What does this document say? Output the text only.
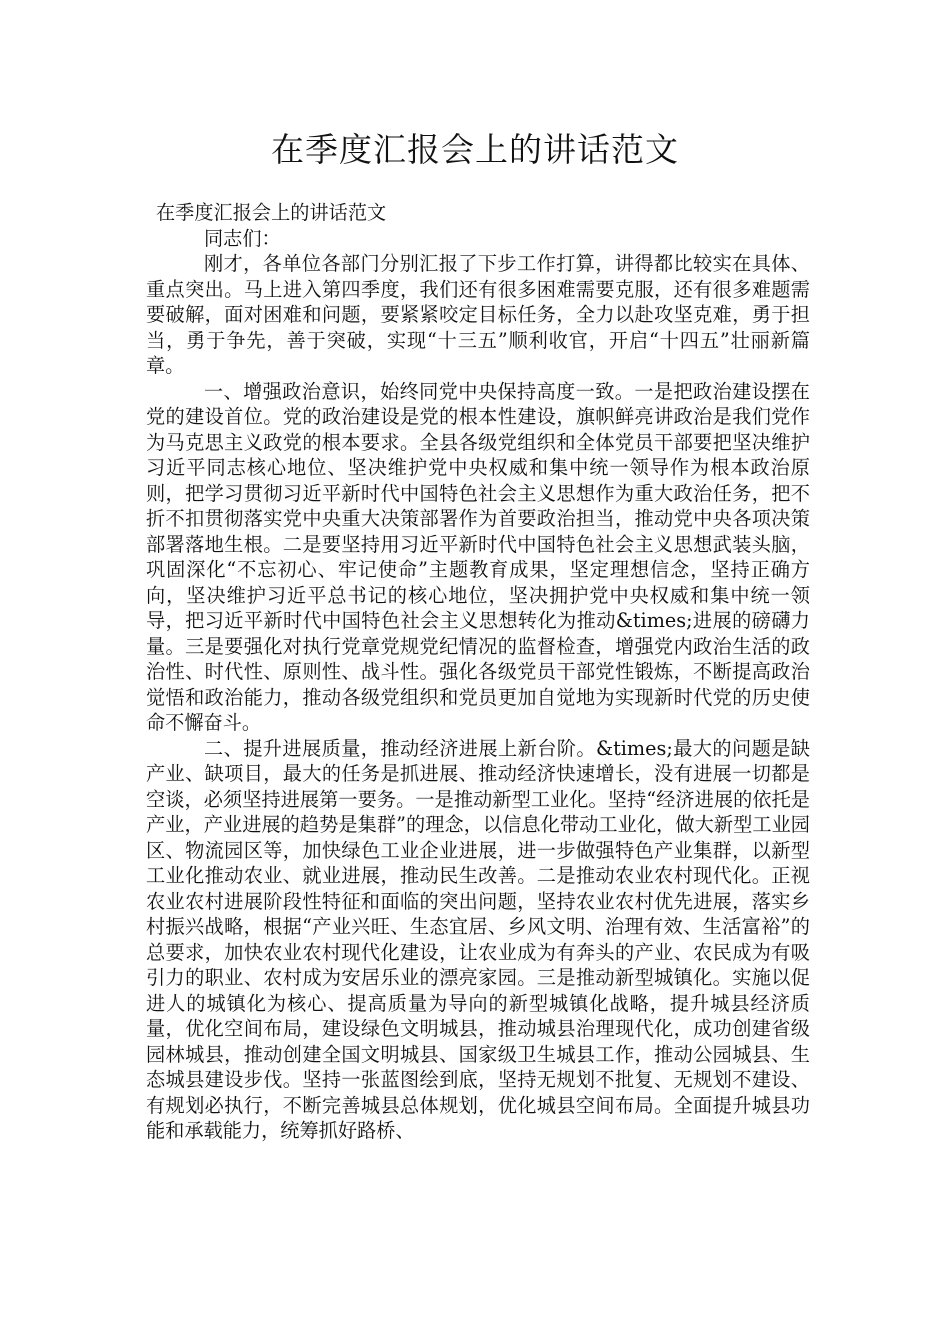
在季度汇报会上的讲话范文

在季度汇报会上的讲话范文

同志们：

刚才，各单位各部门分别汇报了下步工作打算，讲得都比较实在具体、重点突出。马上进入第四季度，我们还有很多困难需要克服，还有很多难题需要破解，面对困难和问题，要紧紧咬定目标任务，全力以赴攻坚克难，勇于担当，勇于争先，善于突破，实现“十三五”顺利收官，开启“十四五”壮丽新篇章。

一、增强政治意识，始终同党中央保持高度一致。一是把政治建设摆在党的建设首位。党的政治建设是党的根本性建设，旗帜鲜亮讲政治是我们党作为马克思主义政党的根本要求。全县各级党组织和全体党员干部要把坚决维护习近平同志核心地位、坚决维护党中央权威和集中统一领导作为根本政治原则，把学习贯彻习近平新时代中国特色社会主义思想作为重大政治任务，把不折不扣贯彻落实党中央重大决策部署作为首要政治担当，推动党中央各项决策部署落地生根。二是要坚持用习近平新时代中国特色社会主义思想武装头脑，巩固深化“不忘初心、牢记使命”主题教育成果，坚定理想信念，坚持正确方向，坚决维护习近平总书记的核心地位，坚决拥护党中央权威和集中统一领导，把习近平新时代中国特色社会主义思想转化为推动&times;进展的磅礴力量。三是要强化对执行党章党规党纪情况的监督检查，增强党内政治生活的政治性、时代性、原则性、战斗性。强化各级党员干部党性锻炼，不断提高政治觉悟和政治能力，推动各级党组织和党员更加自觉地为实现新时代党的历史使命不懈奋斗。

二、提升进展质量，推动经济进展上新台阶。&times;最大的问题是缺产业、缺项目，最大的任务是抓进展、推动经济快速增长，没有进展一切都是空谈，必须坚持进展第一要务。一是推动新型工业化。坚持“经济进展的依托是产业，产业进展的趋势是集群”的理念，以信息化带动工业化，做大新型工业园区、物流园区等，加快绿色工业企业进展，进一步做强特色产业集群，以新型工业化推动农业、就业进展，推动民生改善。二是推动农业农村现代化。正视农业农村进展阶段性特征和面临的突出问题，坚持农业农村优先进展，落实乡村振兴战略，根据“产业兴旺、生态宜居、乡风文明、治理有效、生活富裕”的总要求，加快农业农村现代化建设，让农业成为有奔头的产业、农民成为有吸引力的职业、农村成为安居乐业的漂亮家园。三是推动新型城镇化。实施以促进人的城镇化为核心、提高质量为导向的新型城镇化战略，提升城县经济质量，优化空间布局，建设绿色文明城县，推动城县治理现代化，成功创建省级园林城县，推动创建全国文明城县、国家级卫生城县工作，推动公园城县、生态城县建设步伐。坚持一张蓝图绘到底，坚持无规划不批复、无规划不建设、有规划必执行，不断完善城县总体规划，优化城县空间布局。全面提升城县功能和承载能力，统筹抓好路桥、
